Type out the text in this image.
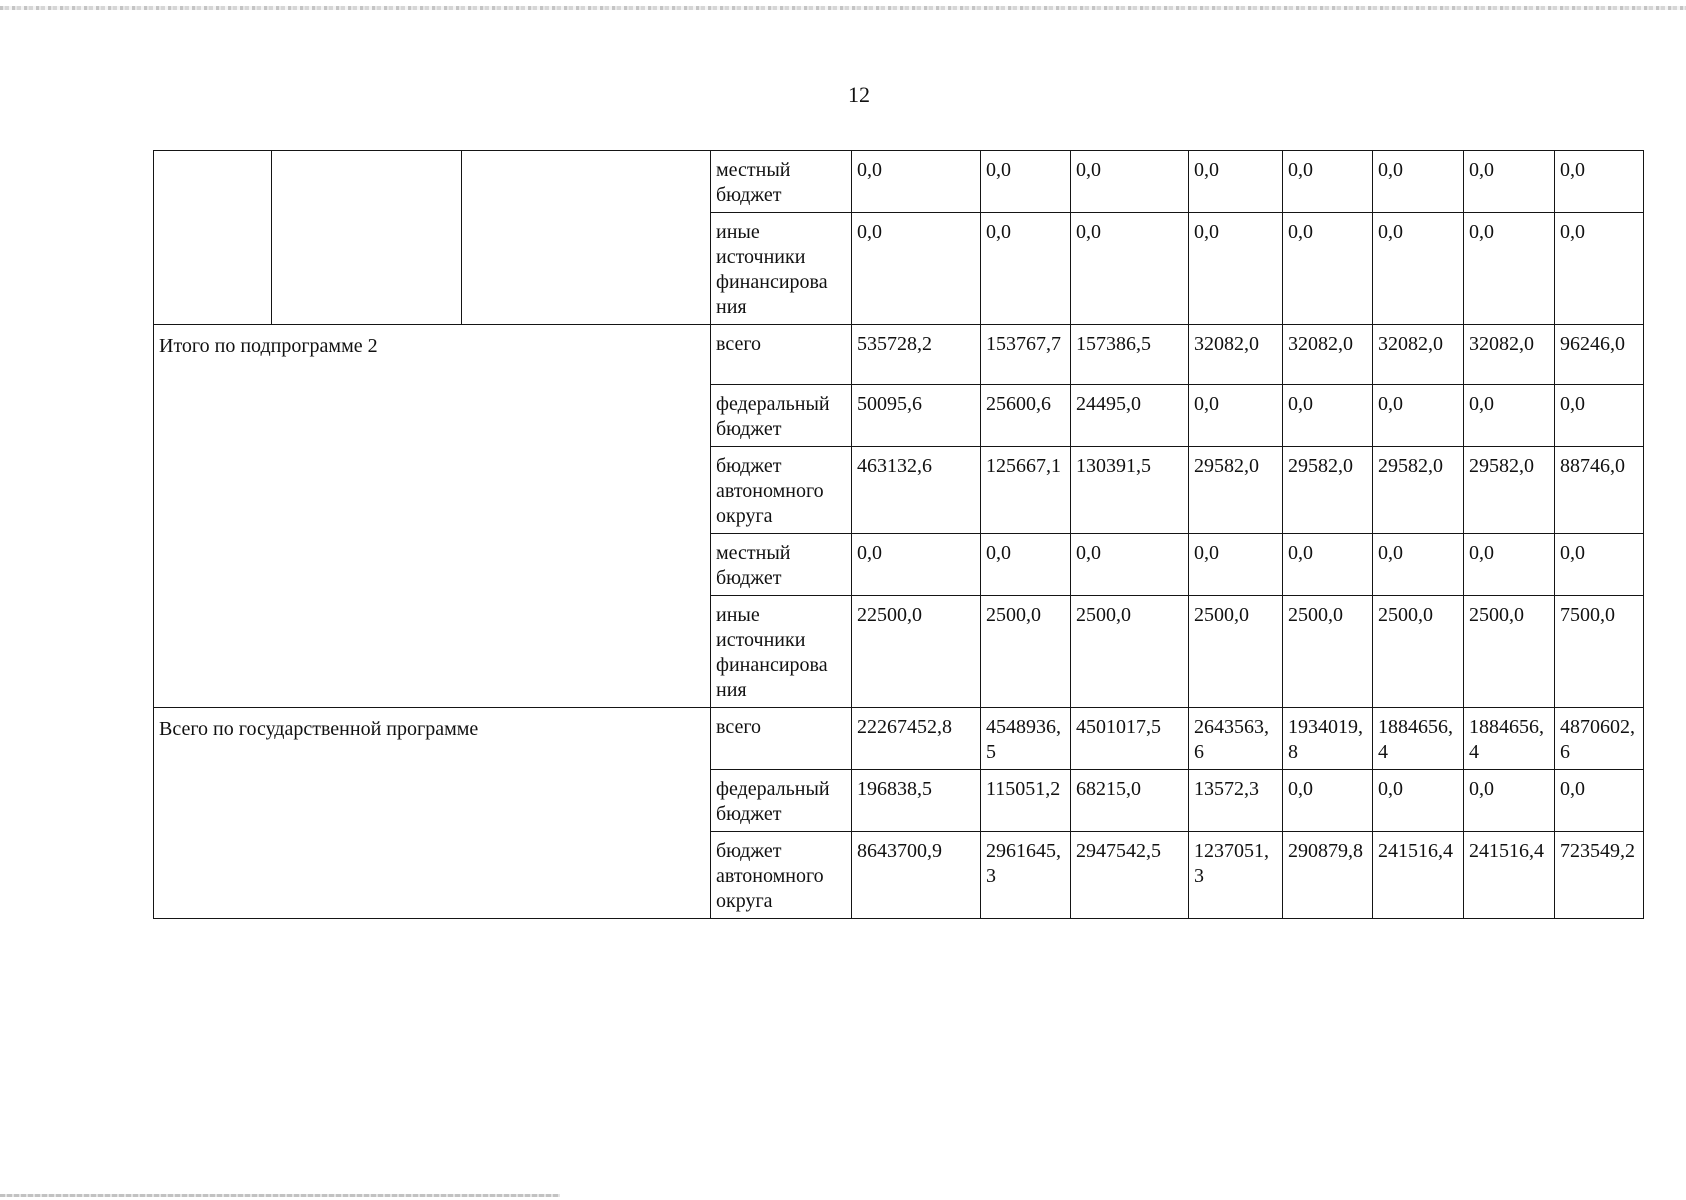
12
			местный бюджет	0,0	0,0	0,0	0,0	0,0	0,0	0,0	0,0
			иные источники финансирова ния	0,0	0,0	0,0	0,0	0,0	0,0	0,0	0,0
Итого по подпрограмме 2			всего	535728,2	153767,7	157386,5	32082,0	32082,0	32082,0	32082,0	96246,0
			федеральный бюджет	50095,6	25600,6	24495,0	0,0	0,0	0,0	0,0	0,0
			бюджет автономного округа	463132,6	125667,1	130391,5	29582,0	29582,0	29582,0	29582,0	88746,0
			местный бюджет	0,0	0,0	0,0	0,0	0,0	0,0	0,0	0,0
			иные источники финансирова ния	22500,0	2500,0	2500,0	2500,0	2500,0	2500,0	2500,0	7500,0
Всего по государственной программе			всего	22267452,8	4548936,5	4501017,5	2643563,6	1934019,8	1884656,4	1884656,4	4870602,6
			федеральный бюджет	196838,5	115051,2	68215,0	13572,3	0,0	0,0	0,0	0,0
			бюджет автономного округа	8643700,9	2961645,3	2947542,5	1237051,3	290879,8	241516,4	241516,4	723549,2
